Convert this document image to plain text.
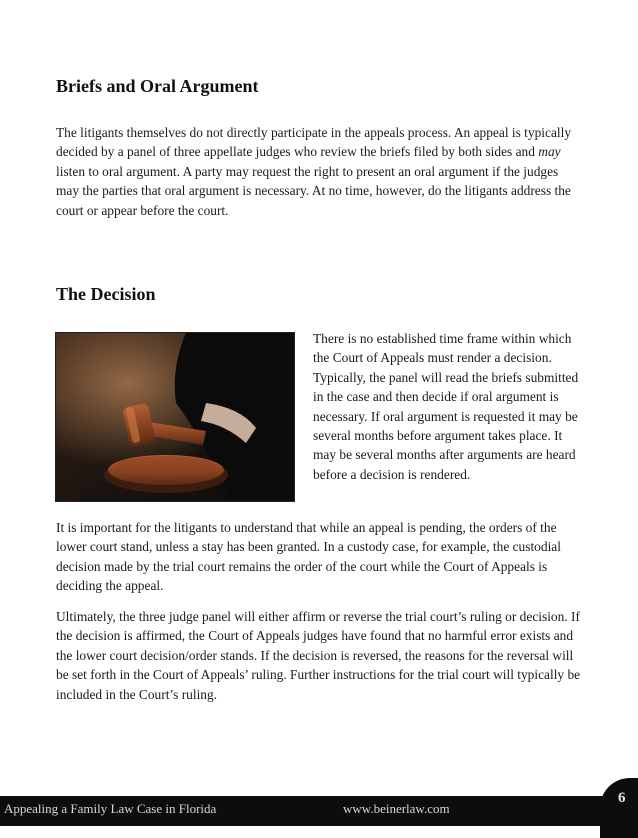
Briefs and Oral Argument

The litigants themselves do not directly participate in the appeals process. An appeal is typically decided by a panel of three appellate judges who review the briefs filed by both sides and may listen to oral argument. A party may request the right to present an oral argument if the judges may the parties that oral argument is necessary. At no time, however, do the litigants address the court or appear before the court.

The Decision

There is no established time frame within which the Court of Appeals must render a decision. Typically, the panel will read the briefs submitted in the case and then decide if oral argument is necessary. If oral argument is requested it may be several months before argument takes place. It may be several months after arguments are heard before a decision is rendered.

It is important for the litigants to understand that while an appeal is pending, the orders of the lower court stand, unless a stay has been granted. In a custody case, for example, the custodial decision made by the trial court remains the order of the court while the Court of Appeals is deciding the appeal.

Ultimately, the three judge panel will either affirm or reverse the trial court’s ruling or decision. If the decision is affirmed, the Court of Appeals judges have found that no harmful error exists and the lower court decision/order stands. If the decision is reversed, the reasons for the reversal will be set forth in the Court of Appeals’ ruling. Further instructions for the trial court will typically be included in the Court’s ruling.

Appealing a Family Law Case in Florida	www.beinerlaw.com
6
